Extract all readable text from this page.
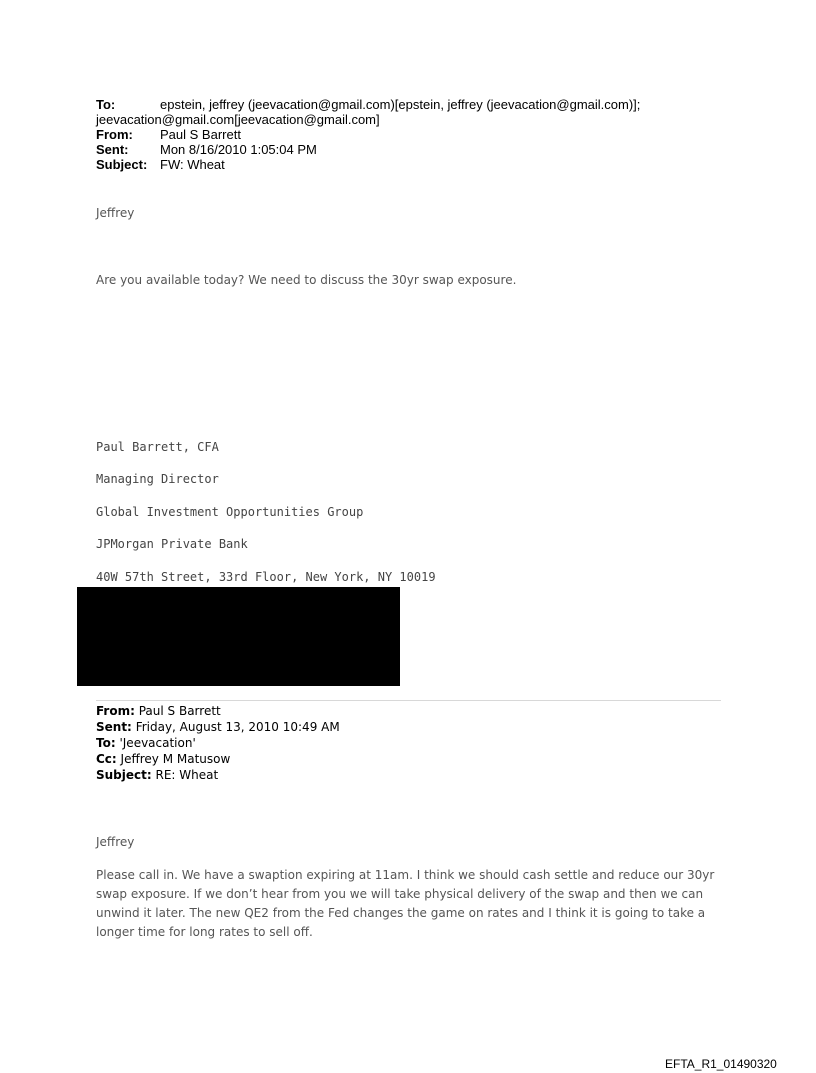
To:	epstein, jeffrey (jeevacation@gmail.com)[epstein, jeffrey (jeevacation@gmail.com)];
jeevacation@gmail.com[jeevacation@gmail.com]
From: Paul S Barrett
Sent: Mon 8/16/2010 1:05:04 PM
Subject: FW: Wheat
Jeffrey
Are you available today? We need to discuss the 30yr swap exposure.
Paul Barrett, CFA
Managing Director
Global Investment Opportunities Group
JPMorgan Private Bank
40W 57th Street, 33rd Floor, New York, NY 10019
From: Paul S Barrett
Sent: Friday, August 13, 2010 10:49 AM
To: 'Jeevacation'
Cc: Jeffrey M Matusow
Subject: RE: Wheat
Jeffrey
Please call in. We have a swaption expiring at 11am. I think we should cash settle and reduce our 30yr swap exposure. If we don’t hear from you we will take physical delivery of the swap and then we can unwind it later. The new QE2 from the Fed changes the game on rates and I think it is going to take a longer time for long rates to sell off.
EFTA_R1_01490320
